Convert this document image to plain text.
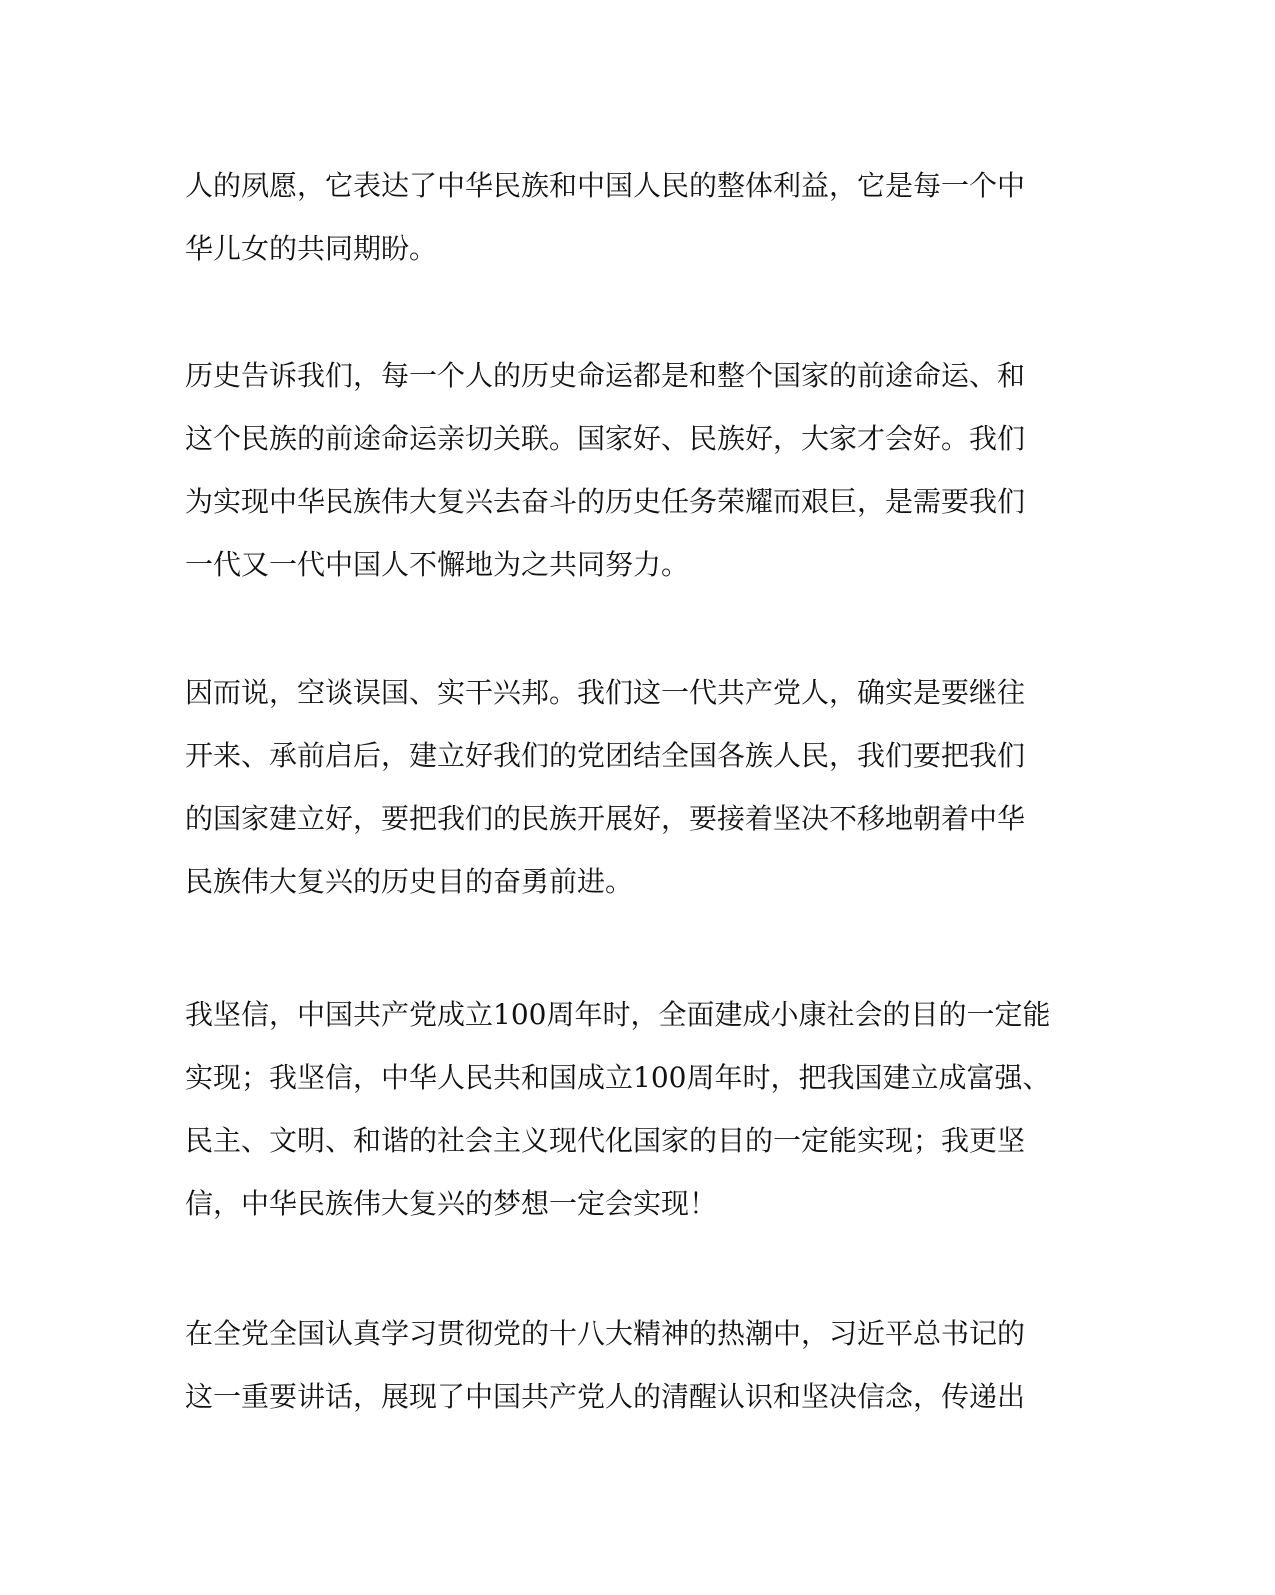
人的夙愿，它表达了中华民族和中国人民的整体利益，它是每一个中
华儿女的共同期盼。
历史告诉我们，每一个人的历史命运都是和整个国家的前途命运、和
这个民族的前途命运亲切关联。国家好、民族好，大家才会好。我们
为实现中华民族伟大复兴去奋斗的历史任务荣耀而艰巨，是需要我们
一代又一代中国人不懈地为之共同努力。
因而说，空谈误国、实干兴邦。我们这一代共产党人，确实是要继往
开来、承前启后，建立好我们的党团结全国各族人民，我们要把我们
的国家建立好，要把我们的民族开展好，要接着坚决不移地朝着中华
民族伟大复兴的历史目的奋勇前进。
我坚信，中国共产党成立100周年时，全面建成小康社会的目的一定能
实现；我坚信，中华人民共和国成立100周年时，把我国建立成富强、
民主、文明、和谐的社会主义现代化国家的目的一定能实现；我更坚
信，中华民族伟大复兴的梦想一定会实现！
在全党全国认真学习贯彻党的十八大精神的热潮中，习近平总书记的
这一重要讲话，展现了中国共产党人的清醒认识和坚决信念，传递出
